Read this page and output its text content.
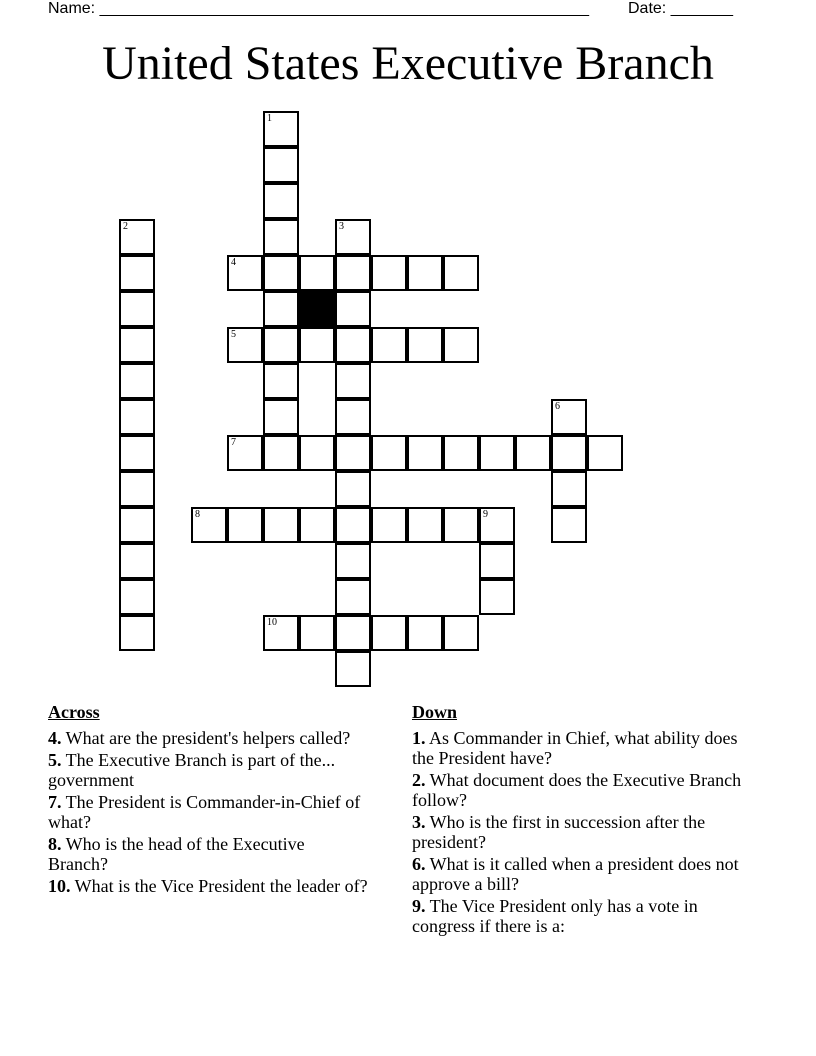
Name: _______________________________________________________ Date: _______
United States Executive Branch
1
2	3
4
5
7
6
8	9
10
Across
4. What are the president's helpers called?
5. The Executive Branch is part of the... government
7. The President is Commander-in-Chief of what?
8. Who is the head of the Executive Branch?
10. What is the Vice President the leader of?
Down
1. As Commander in Chief, what ability does the President have?
2. What document does the Executive Branch follow?
3. Who is the first in succession after the president?
6. What is it called when a president does not approve a bill?
9. The Vice President only has a vote in congress if there is a:
